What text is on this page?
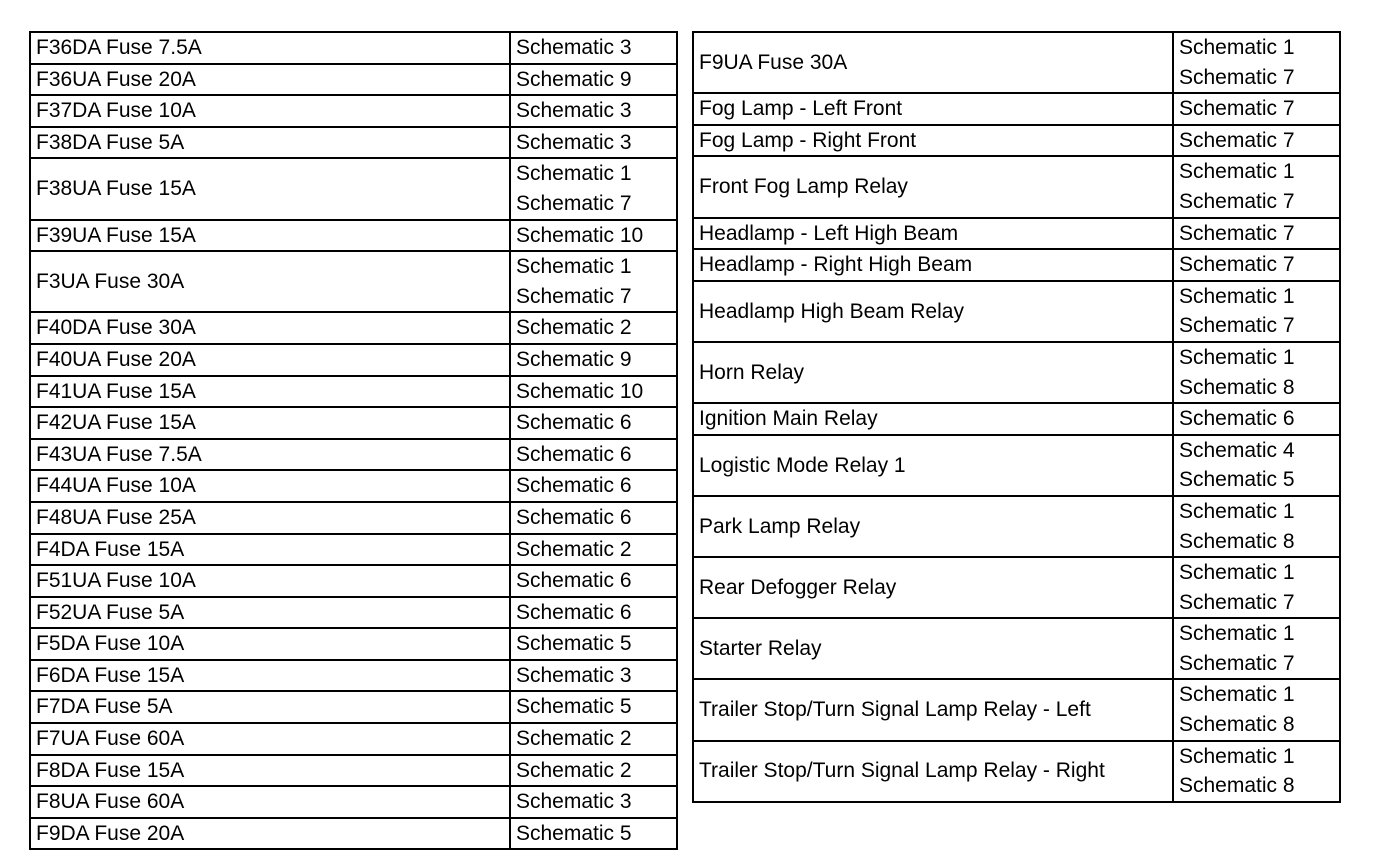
F36DA Fuse 7.5A	Schematic 3

F36UA Fuse 20A	Schematic 9

F37DA Fuse 10A	Schematic 3

F38DA Fuse 5A	Schematic 3

F38UA Fuse 15A	Schematic 1
Schematic 7

F39UA Fuse 15A	Schematic 10

F3UA Fuse 30A	Schematic 1
Schematic 7

F40DA Fuse 30A	Schematic 2

F40UA Fuse 20A	Schematic 9

F41UA Fuse 15A	Schematic 10

F42UA Fuse 15A	Schematic 6

F43UA Fuse 7.5A	Schematic 6

F44UA Fuse 10A	Schematic 6

F48UA Fuse 25A	Schematic 6

F4DA Fuse 15A	Schematic 2

F51UA Fuse 10A	Schematic 6

F52UA Fuse 5A	Schematic 6

F5DA Fuse 10A	Schematic 5

F6DA Fuse 15A	Schematic 3

F7DA Fuse 5A	Schematic 5

F7UA Fuse 60A	Schematic 2

F8DA Fuse 15A	Schematic 2

F8UA Fuse 60A	Schematic 3

F9DA Fuse 20A	Schematic 5
F9UA Fuse 30A	Schematic 1
Schematic 7

Fog Lamp - Left Front	Schematic 7

Fog Lamp - Right Front	Schematic 7

Front Fog Lamp Relay	Schematic 1
Schematic 7

Headlamp - Left High Beam	Schematic 7

Headlamp - Right High Beam	Schematic 7

Headlamp High Beam Relay	Schematic 1
Schematic 7

Horn Relay	Schematic 1
Schematic 8

Ignition Main Relay	Schematic 6

Logistic Mode Relay 1	Schematic 4
Schematic 5

Park Lamp Relay	Schematic 1
Schematic 8

Rear Defogger Relay	Schematic 1
Schematic 7

Starter Relay	Schematic 1
Schematic 7

Trailer Stop/Turn Signal Lamp Relay - Left	Schematic 1
Schematic 8

Trailer Stop/Turn Signal Lamp Relay - Right	Schematic 1
Schematic 8
